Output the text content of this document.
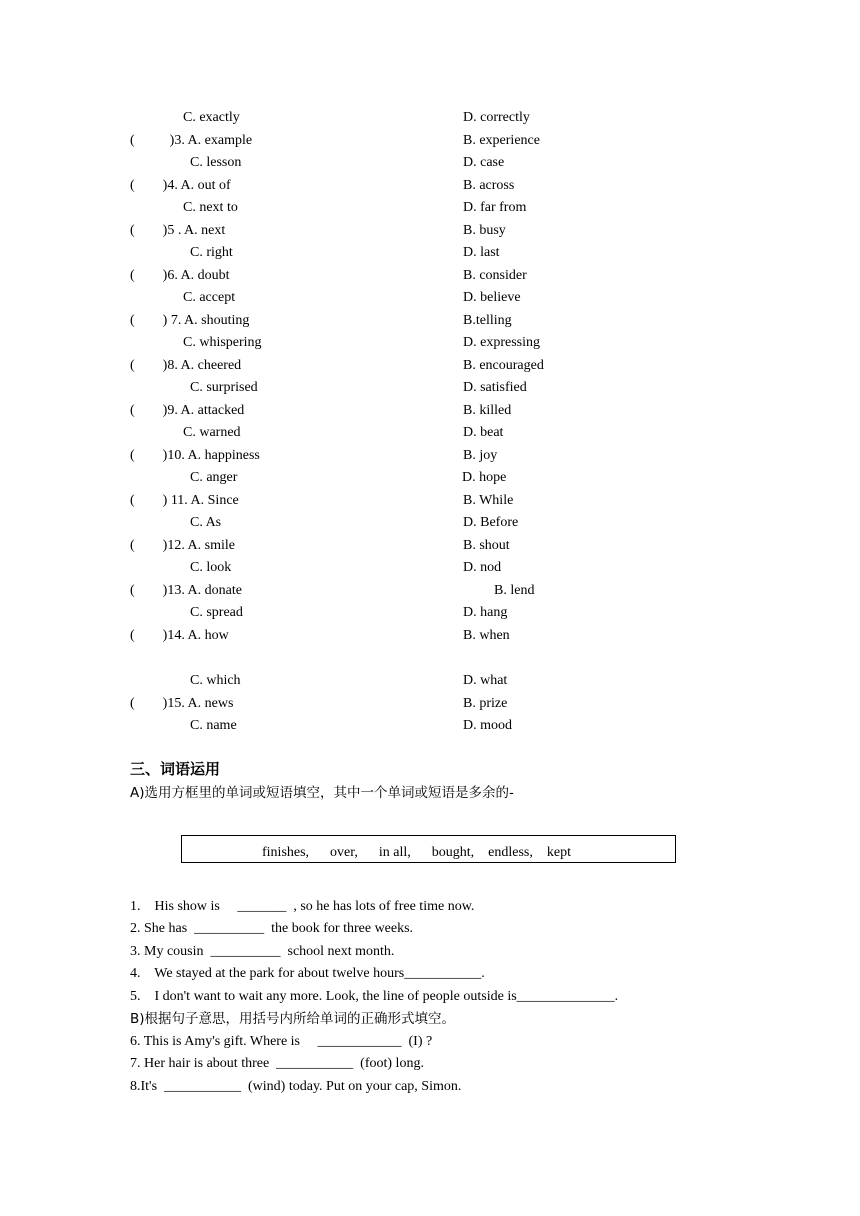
C. exactly
(          )3. A. example
C. lesson
(        )4. A. out of
C. next to
(        )5 . A. next
C. right
(        )6. A. doubt
C. accept
(        ) 7. A. shouting
C. whispering
(        )8. A. cheered
C. surprised
(        )9. A. attacked
C. warned
(        )10. A. happiness
C. anger
(        ) 11. A. Since
C. As
(        )12. A. smile
C. look
(        )13. A. donate
C. spread
(        )14. A. how
C. which
(        )15. A. news
C. name
D. correctly
B. experience
D. case
B. across
D. far from
B. busy
D. last
B. consider
D. believe
B.telling
D. expressing
B. encouraged
D. satisfied
B. killed
D. beat
B. joy
D. hope
B. While
D. Before
B. shout
D. nod
B. lend
D. hang
B. when
D. what
B. prize
D. mood
三、词语运用
A)选用方框里的单词或短语填空，其中一个单词或短语是多余的-
finishes,      over,      in all,      bought,    endless,    kept
1.    His show is     _______  , so he has lots of free time now.
2. She has  __________  the book for three weeks.
3. My cousin  __________  school next month.
4.    We stayed at the park for about twelve hours___________.
5.    I don't want to wait any more. Look, the line of people outside is______________.
B)根据句子意思，用括号内所给单词的正确形式填空。
6. This is Amy's gift. Where is     ____________  (I) ?
7. Her hair is about three  ___________  (foot) long.
8.It's  ___________  (wind) today. Put on your cap, Simon.
